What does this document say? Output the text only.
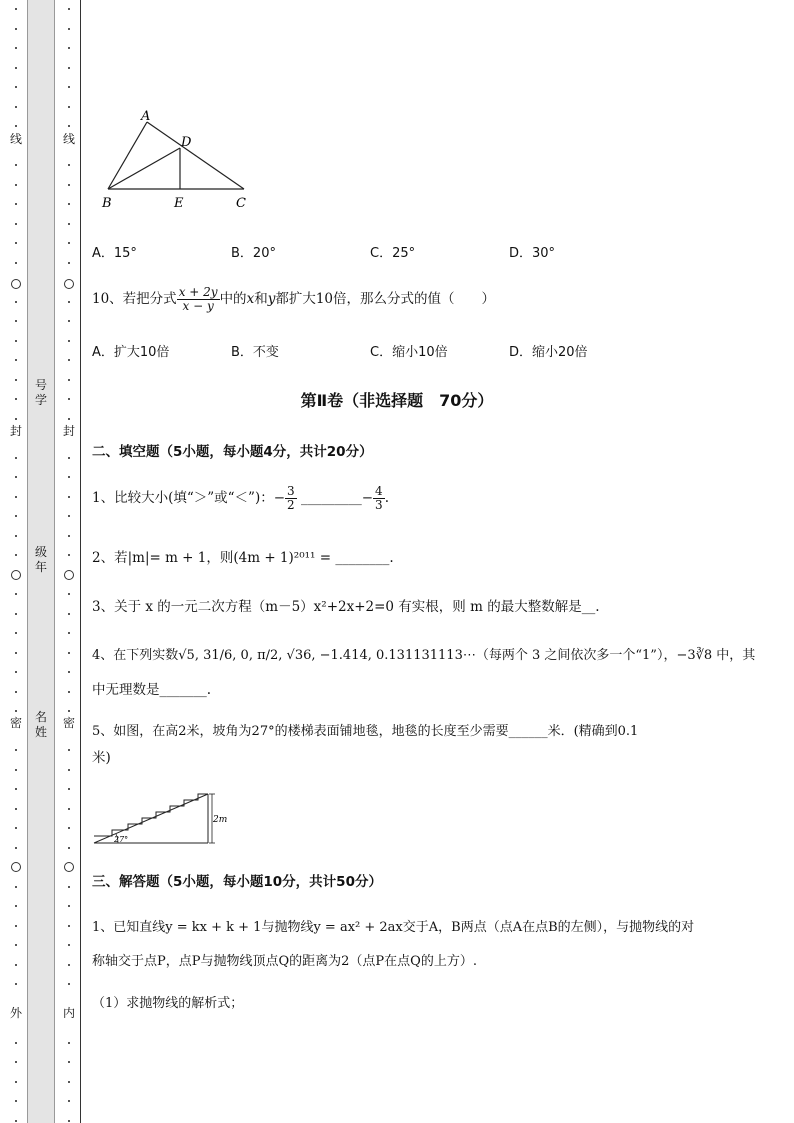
线
封
密
外
线
封
密
内
号学
级年
名姓
A
D
B	E	C
A．15°	B．20°	C．25°	D．30°
10、若把分式 $\frac{x + 2y}{x - y}$ 中的x和y都扩大10倍，那么分式的值（　　）
A．扩大10倍	B．不变	C．缩小10倍	D．缩小20倍
第Ⅱ卷（非选择题　70分）
二、填空题（5小题，每小题4分，共计20分）
1、比较大小(填“＞”或“＜”)：− $\frac{3}{2}$ _________− $\frac{4}{3}$ .
2、若|m|= m + 1，则(4m + 1)²⁰¹¹ = ________.
3、关于 x 的一元二次方程（m－5）x²+2x+2=0 有实根，则 m 的最大整数解是__.
4、在下列实数√5, 31/6, 0, π/2, √36, −1.414, 0.131131113⋯（每两个 3 之间依次多一个“1”），−3∛8 中，其
中无理数是_______.
5、如图，在高2米，坡角为27°的楼梯表面铺地毯，地毯的长度至少需要______米．(精确到0.1
米)
2m
27°
三、解答题（5小题，每小题10分，共计50分）
1、已知直线y = kx + k + 1与抛物线y = ax² + 2ax交于A，B两点（点A在点B的左侧），与抛物线的对
称轴交于点P，点P与抛物线顶点Q的距离为2（点P在点Q的上方）.
（1）求抛物线的解析式；
